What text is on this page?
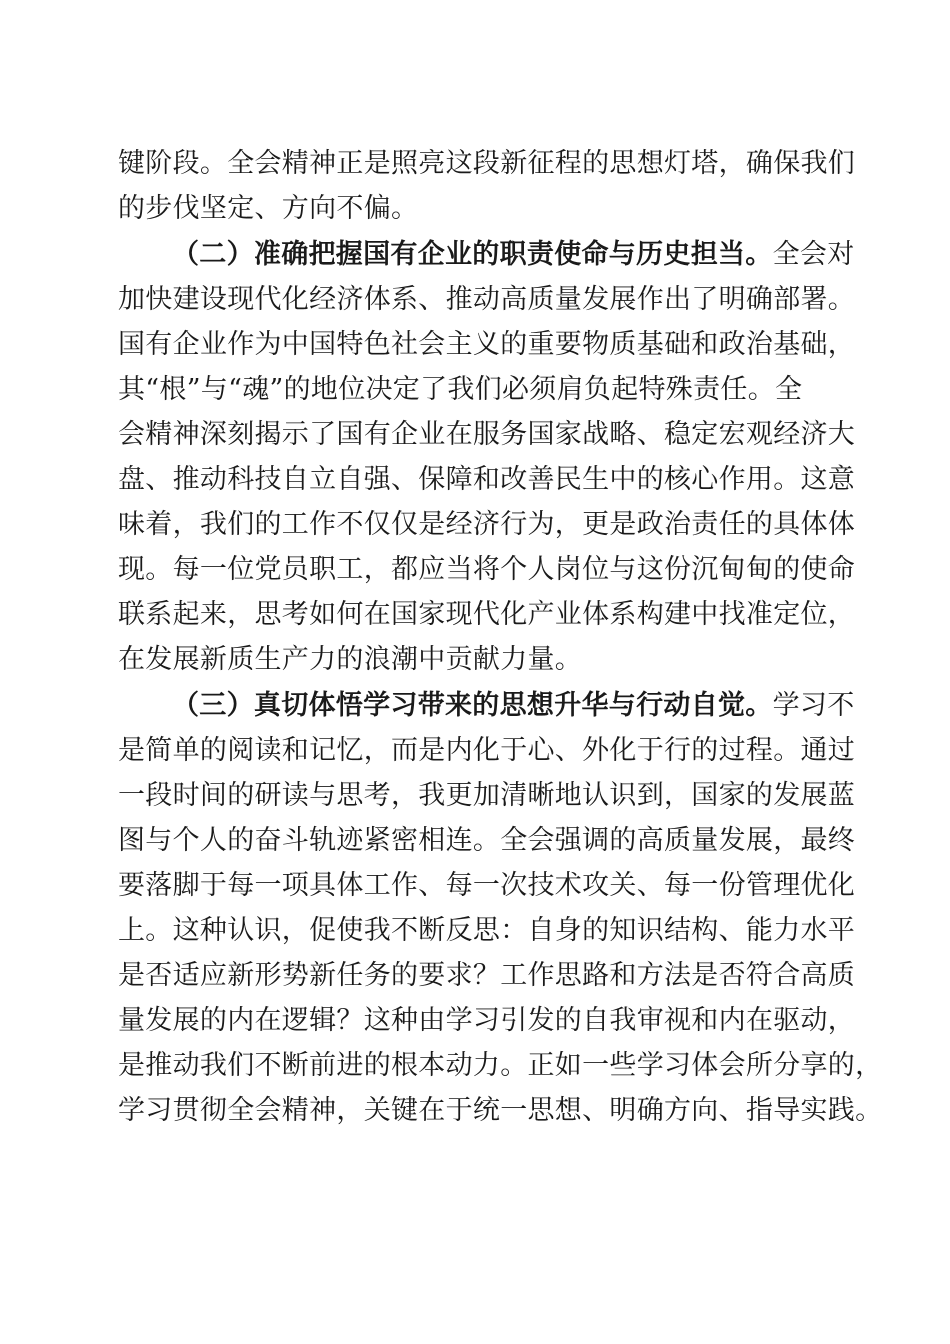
键阶段。全会精神正是照亮这段新征程的思想灯塔，确保我们
的步伐坚定、方向不偏。
（二）准确把握国有企业的职责使命与历史担当。全会对
加快建设现代化经济体系、推动高质量发展作出了明确部署。
国有企业作为中国特色社会主义的重要物质基础和政治基础，
其“根”与“魂”的地位决定了我们必须肩负起特殊责任。全
会精神深刻揭示了国有企业在服务国家战略、稳定宏观经济大
盘、推动科技自立自强、保障和改善民生中的核心作用。这意
味着，我们的工作不仅仅是经济行为，更是政治责任的具体体
现。每一位党员职工，都应当将个人岗位与这份沉甸甸的使命
联系起来，思考如何在国家现代化产业体系构建中找准定位，
在发展新质生产力的浪潮中贡献力量。
（三）真切体悟学习带来的思想升华与行动自觉。学习不
是简单的阅读和记忆，而是内化于心、外化于行的过程。通过
一段时间的研读与思考，我更加清晰地认识到，国家的发展蓝
图与个人的奋斗轨迹紧密相连。全会强调的高质量发展，最终
要落脚于每一项具体工作、每一次技术攻关、每一份管理优化
上。这种认识，促使我不断反思：自身的知识结构、能力水平
是否适应新形势新任务的要求？工作思路和方法是否符合高质
量发展的内在逻辑？这种由学习引发的自我审视和内在驱动，
是推动我们不断前进的根本动力。正如一些学习体会所分享的，
学习贯彻全会精神，关键在于统一思想、明确方向、指导实践。
